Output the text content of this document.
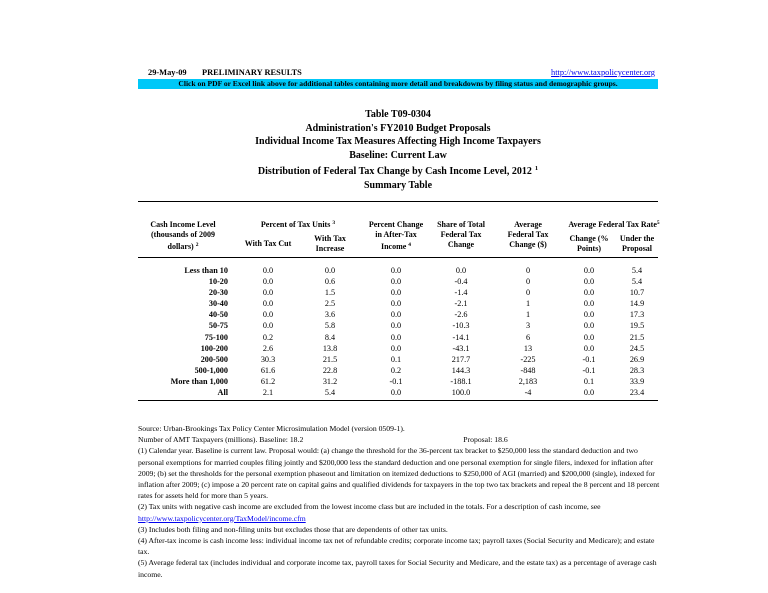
29-May-09 PRELIMINARY RESULTS	http://www.taxpolicycenter.org
Click on PDF or Excel link above for additional tables containing more detail and breakdowns by filing status and demographic groups.
Table T09-0304
Administration's FY2010 Budget Proposals
Individual Income Tax Measures Affecting High Income Taxpayers
Baseline: Current Law
Distribution of Federal Tax Change by Cash Income Level, 2012 $^1$
Summary Table
Cash Income Level
(thousands of 2009
dollars) $^2$
Percent of Tax Units $^3$
With Tax Cut
With Tax
Increase
Percent Change
in After-Tax
Income $^4$
Share of Total
Federal Tax
Change
Average
Federal Tax
Change ($)
Average Federal Tax Rate$^5$
Change (%
Points)
Under the
Proposal
Less than 10
10-20
20-30
30-40
40-50
50-75
75-100
100-200
200-500
500-1,000
More than 1,000
All
0.0
0.0
0.0
0.0
0.0
0.0
0.2
2.6
30.3
61.6
61.2
2.1
0.0
0.6
1.5
2.5
3.6
5.8
8.4
13.8
21.5
22.8
31.2
5.4
0.0
0.0
0.0
0.0
0.0
0.0
0.0
0.0
0.1
0.2
-0.1
0.0
0.0
-0.4
-1.4
-2.1
-2.6
-10.3
-14.1
-43.1
217.7
144.3
-188.1
100.0
0
0
0
1
1
3
6
13
-225
-848
2,183
-4
0.0
0.0
0.0
0.0
0.0
0.0
0.0
0.0
-0.1
-0.1
0.1
0.0
5.4
5.4
10.7
14.9
17.3
19.5
21.5
24.5
26.9
28.3
33.9
23.4
Source: Urban-Brookings Tax Policy Center Microsimulation Model (version 0509-1).
Number of AMT Taxpayers (millions). Baseline: 18.2	Proposal: 18.6
(1) Calendar year. Baseline is current law. Proposal would: (a) change the threshold for the 36-percent tax bracket to $250,000 less the standard deduction and two personal exemptions for married couples filing jointly and $200,000 less the standard deduction and one personal exemption for single filers, indexed for inflation after 2009; (b) set the thresholds for the personal exemption phaseout and limitation on itemized deductions to $250,000 of AGI (married) and $200,000 (single), indexed for inflation after 2009; (c) impose a 20 percent rate on capital gains and qualified dividends for taxpayers in the top two tax brackets and repeal the 8 percent and 18 percent rates for assets held for more than 5 years.
(2) Tax units with negative cash income are excluded from the lowest income class but are included in the totals. For a description of cash income, see
http://www.taxpolicycenter.org/TaxModel/income.cfm
(3) Includes both filing and non-filing units but excludes those that are dependents of other tax units.
(4) After-tax income is cash income less: individual income tax net of refundable credits; corporate income tax; payroll taxes (Social Security and Medicare); and estate tax.
(5) Average federal tax (includes individual and corporate income tax, payroll taxes for Social Security and Medicare, and the estate tax) as a percentage of average cash income.
